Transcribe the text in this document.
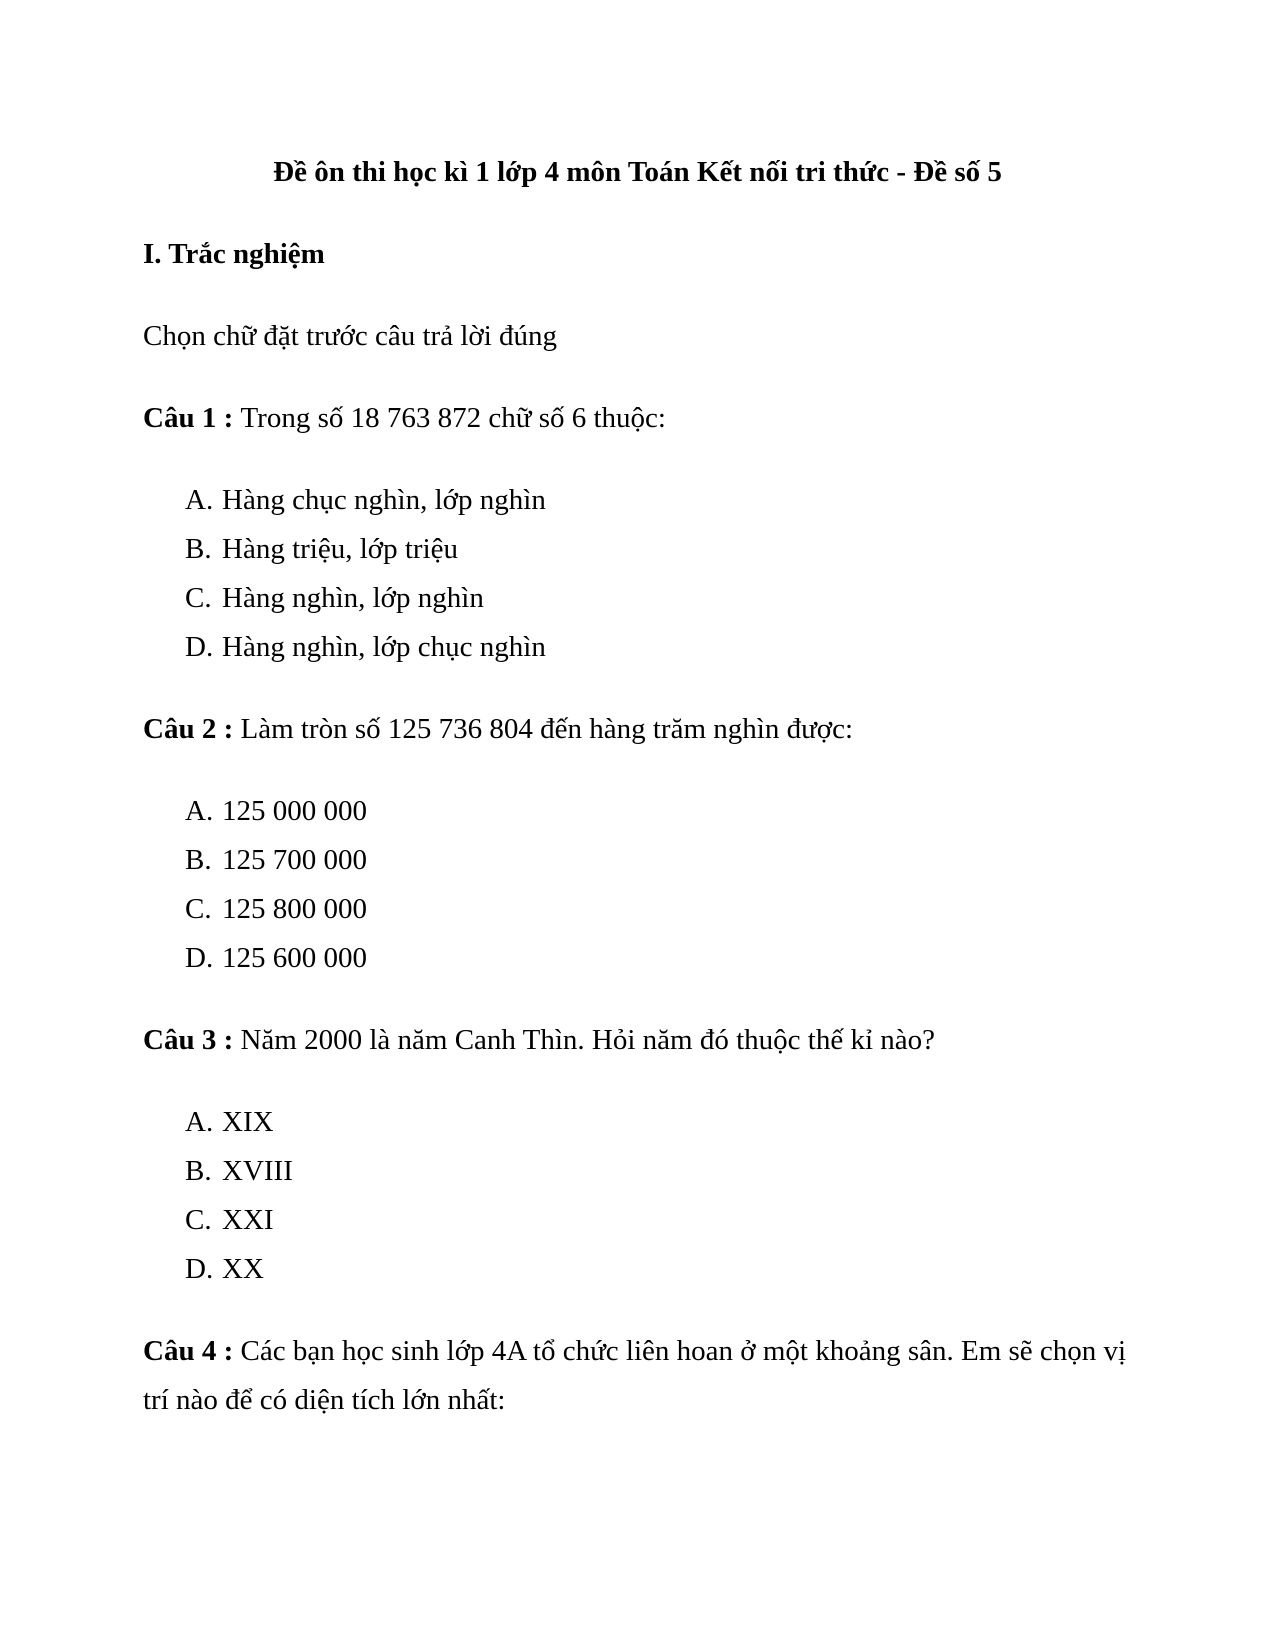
Đề ôn thi học kì 1 lớp 4 môn Toán Kết nối tri thức - Đề số 5
I. Trắc nghiệm

Chọn chữ đặt trước câu trả lời đúng

Câu 1 : Trong số 18 763 872 chữ số 6 thuộc:

A. Hàng chục nghìn, lớp nghìn
B. Hàng triệu, lớp triệu
C. Hàng nghìn, lớp nghìn
D. Hàng nghìn, lớp chục nghìn

Câu 2 : Làm tròn số 125 736 804 đến hàng trăm nghìn được:

A. 125 000 000
B. 125 700 000
C. 125 800 000
D. 125 600 000

Câu 3 : Năm 2000 là năm Canh Thìn. Hỏi năm đó thuộc thế kỉ nào?

A. XIX
B. XVIII
C. XXI
D. XX

Câu 4 : Các bạn học sinh lớp 4A tổ chức liên hoan ở một khoảng sân. Em sẽ chọn vị trí nào để có diện tích lớn nhất:
